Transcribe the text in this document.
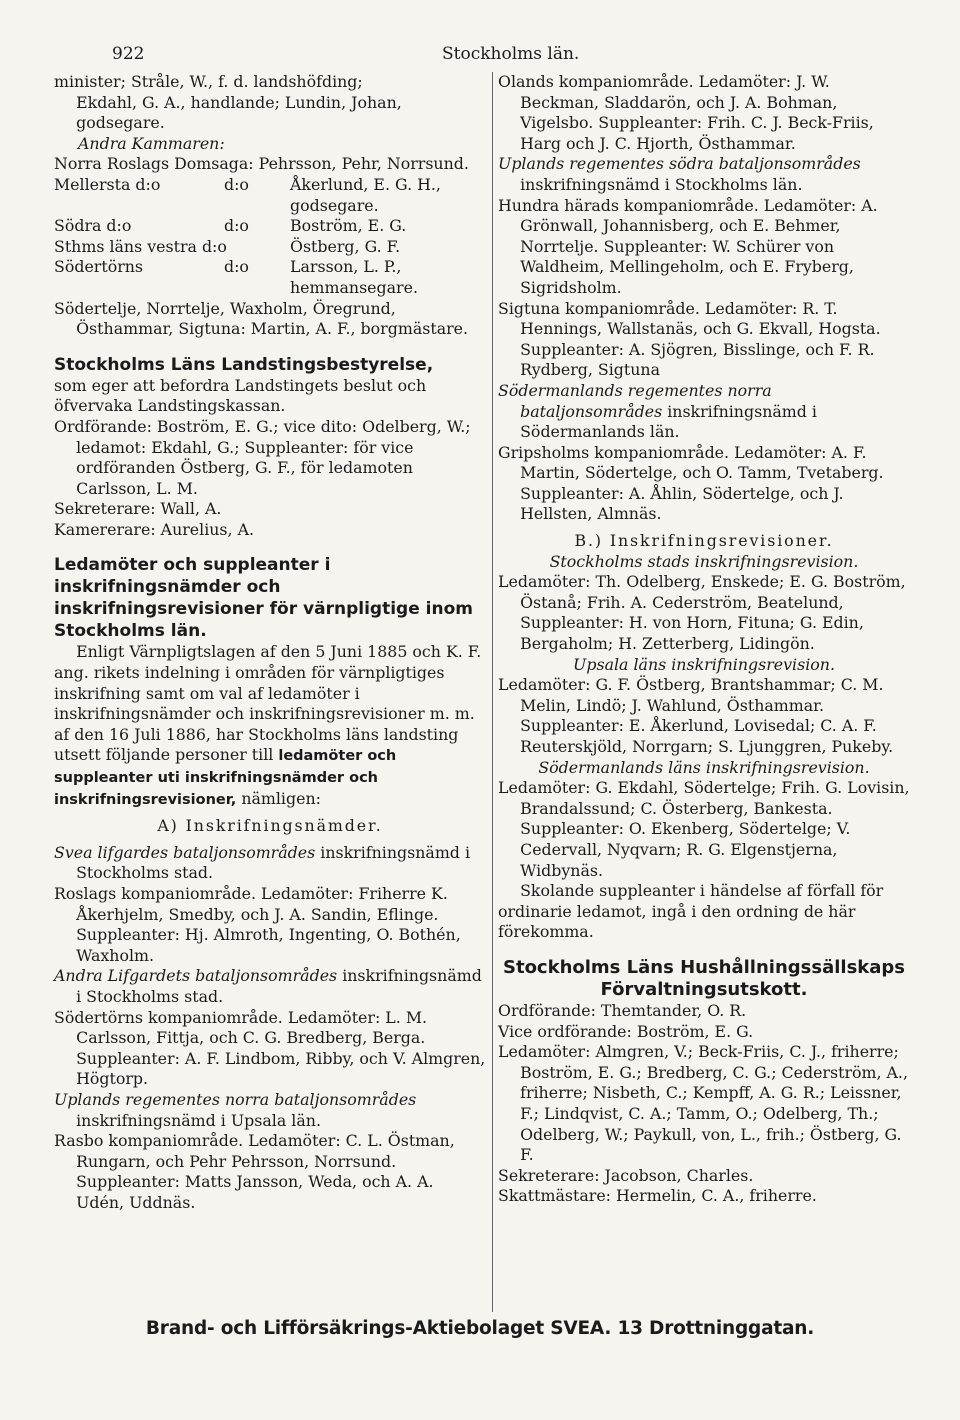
922	Stockholms län.

minister; Stråle, W., f. d. landshöfding;

Ekdahl, G. A., handlande; Lundin, Johan,

godsegare.

Andra Kammaren:

Norra Roslags Domsaga: Pehrsson, Pehr, Norrsund.

Mellersta d:o	d:o	Åkerlund, E. G. H., godsegare.
Södra d:o	d:o	Boström, E. G.
Sthms läns vestra d:o	Östberg, G. F.
Södertörns	d:o	Larsson, L. P., hemmansegare.

Södertelje, Norrtelje, Waxholm, Öregrund, Östhammar, Sigtuna: Martin, A. F., borgmästare.

Stockholms Läns Landstingsbestyrelse,

som eger att befordra Landstingets beslut och öfvervaka Landstingskassan.

Ordförande: Boström, E. G.; vice dito: Odelberg, W.; ledamot: Ekdahl, G.; Suppleanter: för vice ordföranden Östberg, G. F., för ledamoten Carlsson, L. M.

Sekreterare: Wall, A.

Kamererare: Aurelius, A.

Ledamöter och suppleanter i inskrifningsnämder och inskrifningsrevisioner för värnpligtige inom Stockholms län.

Enligt Värnpligtslagen af den 5 Juni 1885 och K. F. ang. rikets indelning i områden för värnpligtiges inskrifning samt om val af ledamöter i inskrifningsnämder och inskrifningsrevisioner m. m. af den 16 Juli 1886, har Stockholms läns landsting utsett följande personer till ledamöter och suppleanter uti inskrifningsnämder och inskrifningsrevisioner, nämligen:

A) Inskrifningsnämder.

Svea lifgardes bataljonsområdes inskrifningsnämd i Stockholms stad.

Roslags kompaniområde. Ledamöter: Friherre K. Åkerhjelm, Smedby, och J. A. Sandin, Eflinge. Suppleanter: Hj. Almroth, Ingenting, O. Bothén, Waxholm.

Andra Lifgardets bataljonsområdes inskrifningsnämd i Stockholms stad.

Södertörns kompaniområde. Ledamöter: L. M. Carlsson, Fittja, och C. G. Bredberg, Berga. Suppleanter: A. F. Lindbom, Ribby, och V. Almgren, Högtorp.

Uplands regementes norra bataljonsområdes inskrifningsnämd i Upsala län.

Rasbo kompaniområde. Ledamöter: C. L. Östman, Rungarn, och Pehr Pehrsson, Norrsund. Suppleanter: Matts Jansson, Weda, och A. A. Udén, Uddnäs.

Olands kompaniområde. Ledamöter: J. W. Beckman, Sladdarön, och J. A. Bohman, Vigelsbo. Suppleanter: Frih. C. J. Beck-Friis, Harg och J. C. Hjorth, Östhammar.

Uplands regementes södra bataljonsområdes inskrifningsnämd i Stockholms län.

Hundra härads kompaniområde. Ledamöter: A. Grönwall, Johannisberg, och E. Behmer, Norrtelje. Suppleanter: W. Schürer von Waldheim, Mellingeholm, och E. Fryberg, Sigridsholm.

Sigtuna kompaniområde. Ledamöter: R. T. Hennings, Wallstanäs, och G. Ekvall, Hogsta. Suppleanter: A. Sjögren, Bisslinge, och F. R. Rydberg, Sigtuna

Södermanlands regementes norra bataljonsområdes inskrifningsnämd i Södermanlands län.

Gripsholms kompaniområde. Ledamöter: A. F. Martin, Södertelge, och O. Tamm, Tvetaberg. Suppleanter: A. Åhlin, Södertelge, och J. Hellsten, Almnäs.

B.) Inskrifningsrevisioner.

Stockholms stads inskrifningsrevision.

Ledamöter: Th. Odelberg, Enskede; E. G. Boström, Östanå; Frih. A. Cederström, Beatelund, Suppleanter: H. von Horn, Fituna; G. Edin, Bergaholm; H. Zetterberg, Lidingön.

Upsala läns inskrifningsrevision.

Ledamöter: G. F. Östberg, Brantshammar; C. M. Melin, Lindö; J. Wahlund, Östhammar. Suppleanter: E. Åkerlund, Lovisedal; C. A. F. Reuterskjöld, Norrgarn; S. Ljunggren, Pukeby.

Södermanlands läns inskrifningsrevision.

Ledamöter: G. Ekdahl, Södertelge; Frih. G. Lovisin, Brandalssund; C. Österberg, Bankesta. Suppleanter: O. Ekenberg, Södertelge; V. Cedervall, Nyqvarn; R. G. Elgenstjerna, Widbynäs.

Skolande suppleanter i händelse af förfall för ordinarie ledamot, ingå i den ordning de här förekomma.

Stockholms Läns Hushållningssällskaps

Förvaltningsutskott.

Ordförande: Themtander, O. R.

Vice ordförande: Boström, E. G.

Ledamöter: Almgren, V.; Beck-Friis, C. J., friherre; Boström, E. G.; Bredberg, C. G.; Cederström, A., friherre; Nisbeth, C.; Kempff, A. G. R.; Leissner, F.; Lindqvist, C. A.; Tamm, O.; Odelberg, Th.; Odelberg, W.; Paykull, von, L., frih.; Östberg, G. F.

Sekreterare: Jacobson, Charles.

Skattmästare: Hermelin, C. A., friherre.

Brand- och Lifförsäkrings-Aktiebolaget SVEA. 13 Drottninggatan.
